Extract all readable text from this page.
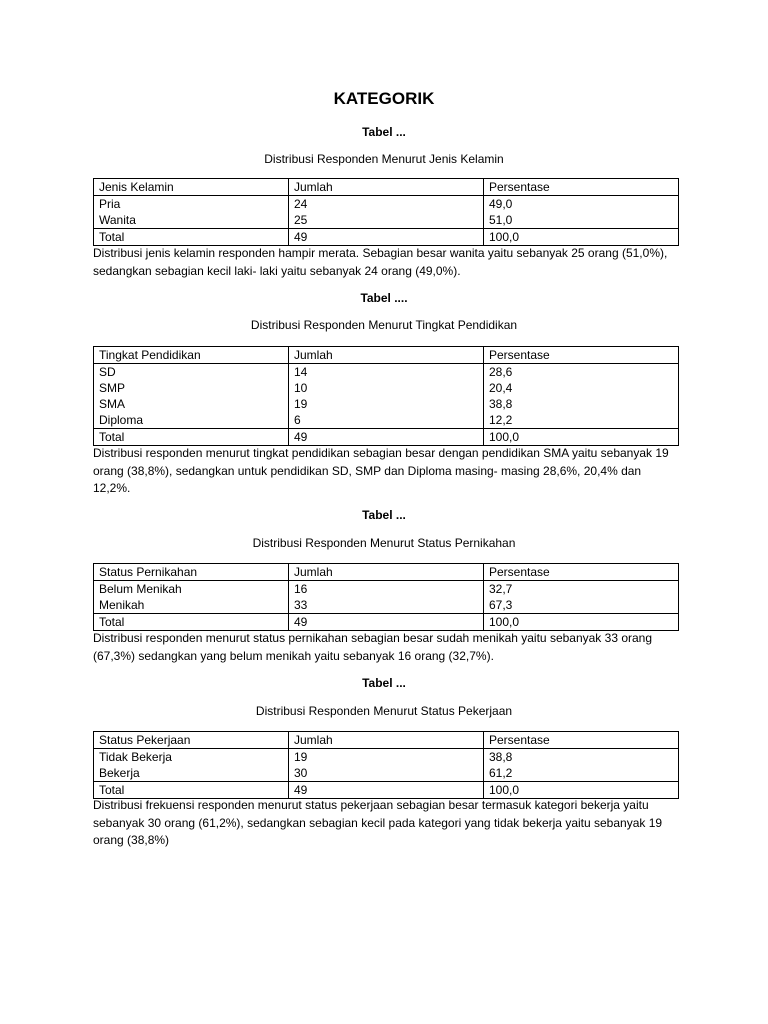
KATEGORIK
Tabel ...
Distribusi Responden Menurut Jenis Kelamin
Jenis Kelamin	Jumlah	Persentase
Pria	24	49,0
Wanita	25	51,0
Total	49	100,0
Distribusi jenis kelamin responden hampir merata. Sebagian besar wanita yaitu sebanyak 25 orang (51,0%), sedangkan sebagian kecil laki- laki yaitu sebanyak 24 orang (49,0%).
Tabel ....
Distribusi Responden Menurut Tingkat Pendidikan
Tingkat Pendidikan	Jumlah	Persentase
SD	14	28,6
SMP	10	20,4
SMA	19	38,8
Diploma	6	12,2
Total	49	100,0
Distribusi responden menurut tingkat pendidikan sebagian besar dengan pendidikan SMA yaitu sebanyak 19 orang (38,8%), sedangkan untuk pendidikan SD, SMP dan Diploma masing- masing 28,6%, 20,4% dan 12,2%.
Tabel ...
Distribusi Responden Menurut Status Pernikahan
Status Pernikahan	Jumlah	Persentase
Belum Menikah	16	32,7
Menikah	33	67,3
Total	49	100,0
Distribusi responden menurut status pernikahan sebagian besar sudah menikah yaitu sebanyak 33 orang (67,3%) sedangkan yang belum menikah yaitu sebanyak 16 orang (32,7%).
Tabel ...
Distribusi Responden Menurut Status Pekerjaan
Status Pekerjaan	Jumlah	Persentase
Tidak Bekerja	19	38,8
Bekerja	30	61,2
Total	49	100,0
Distribusi frekuensi responden menurut status pekerjaan sebagian besar termasuk kategori bekerja yaitu sebanyak 30 orang (61,2%), sedangkan sebagian kecil pada kategori yang tidak bekerja yaitu sebanyak 19 orang (38,8%)
